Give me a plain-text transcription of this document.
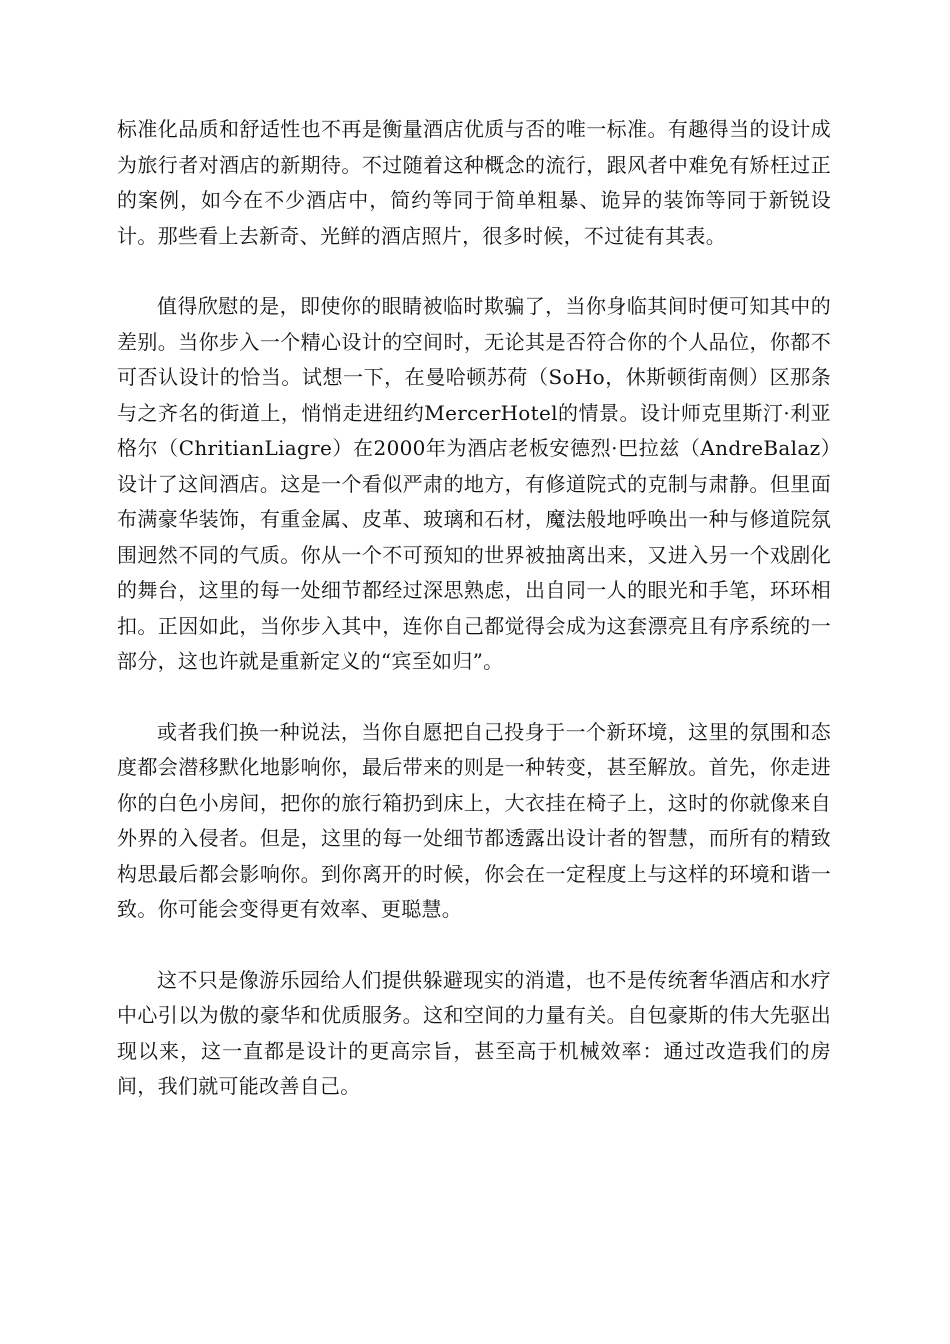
标准化品质和舒适性也不再是衡量酒店优质与否的唯一标准。有趣得当的设计成为旅行者对酒店的新期待。不过随着这种概念的流行，跟风者中难免有矫枉过正的案例，如今在不少酒店中，简约等同于简单粗暴、诡异的装饰等同于新锐设计。那些看上去新奇、光鲜的酒店照片，很多时候，不过徒有其表。

值得欣慰的是，即使你的眼睛被临时欺骗了，当你身临其间时便可知其中的差别。当你步入一个精心设计的空间时，无论其是否符合你的个人品位，你都不可否认设计的恰当。试想一下，在曼哈顿苏荷（SoHo，休斯顿街南侧）区那条与之齐名的街道上，悄悄走进纽约MercerHotel的情景。设计师克里斯汀·利亚格尔（ChritianLiagre）在2000年为酒店老板安德烈·巴拉兹（AndreBalaz）设计了这间酒店。这是一个看似严肃的地方，有修道院式的克制与肃静。但里面布满豪华装饰，有重金属、皮革、玻璃和石材，魔法般地呼唤出一种与修道院氛围迥然不同的气质。你从一个不可预知的世界被抽离出来，又进入另一个戏剧化的舞台，这里的每一处细节都经过深思熟虑，出自同一人的眼光和手笔，环环相扣。正因如此，当你步入其中，连你自己都觉得会成为这套漂亮且有序系统的一部分，这也许就是重新定义的“宾至如归”。

或者我们换一种说法，当你自愿把自己投身于一个新环境，这里的氛围和态度都会潜移默化地影响你，最后带来的则是一种转变，甚至解放。首先，你走进你的白色小房间，把你的旅行箱扔到床上，大衣挂在椅子上，这时的你就像来自外界的入侵者。但是，这里的每一处细节都透露出设计者的智慧，而所有的精致构思最后都会影响你。到你离开的时候，你会在一定程度上与这样的环境和谐一致。你可能会变得更有效率、更聪慧。

这不只是像游乐园给人们提供躲避现实的消遣，也不是传统奢华酒店和水疗中心引以为傲的豪华和优质服务。这和空间的力量有关。自包豪斯的伟大先驱出现以来，这一直都是设计的更高宗旨，甚至高于机械效率：通过改造我们的房间，我们就可能改善自己。
